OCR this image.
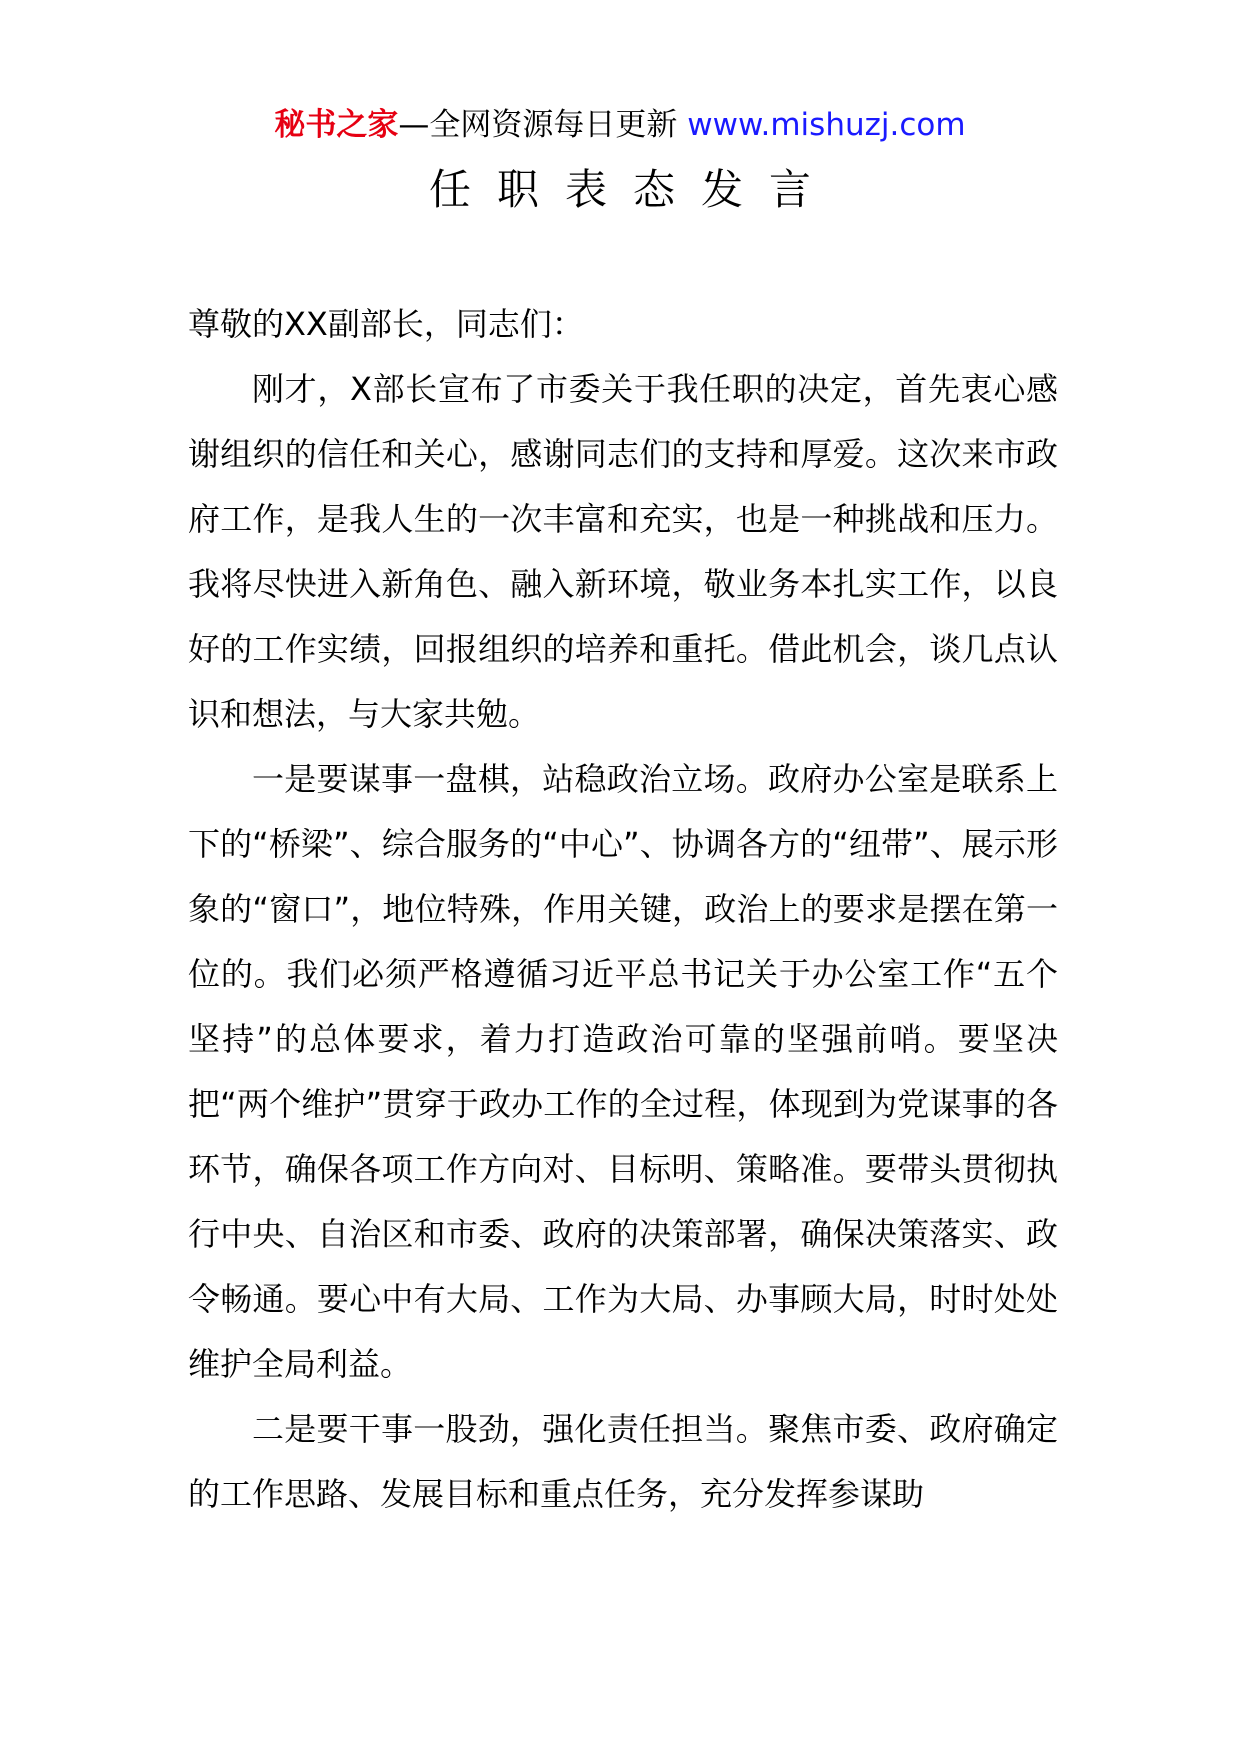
秘书之家—全网资源每日更新 www.mishuzj.com
任职表态发言

尊敬的XX副部长，同志们：

刚才，X部长宣布了市委关于我任职的决定，首先衷心感谢组织的信任和关心，感谢同志们的支持和厚爱。这次来市政府工作，是我人生的一次丰富和充实，也是一种挑战和压力。我将尽快进入新角色、融入新环境，敬业务本扎实工作，以良好的工作实绩，回报组织的培养和重托。借此机会，谈几点认识和想法，与大家共勉。

一是要谋事一盘棋，站稳政治立场。政府办公室是联系上下的“桥梁”、综合服务的“中心”、协调各方的“纽带”、展示形象的“窗口”，地位特殊，作用关键，政治上的要求是摆在第一位的。我们必须严格遵循习近平总书记关于办公室工作“五个坚持”的总体要求，着力打造政治可靠的坚强前哨。要坚决把“两个维护”贯穿于政办工作的全过程，体现到为党谋事的各环节，确保各项工作方向对、目标明、策略准。要带头贯彻执行中央、自治区和市委、政府的决策部署，确保决策落实、政令畅通。要心中有大局、工作为大局、办事顾大局，时时处处维护全局利益。

二是要干事一股劲，强化责任担当。聚焦市委、政府确定的工作思路、发展目标和重点任务，充分发挥参谋助
